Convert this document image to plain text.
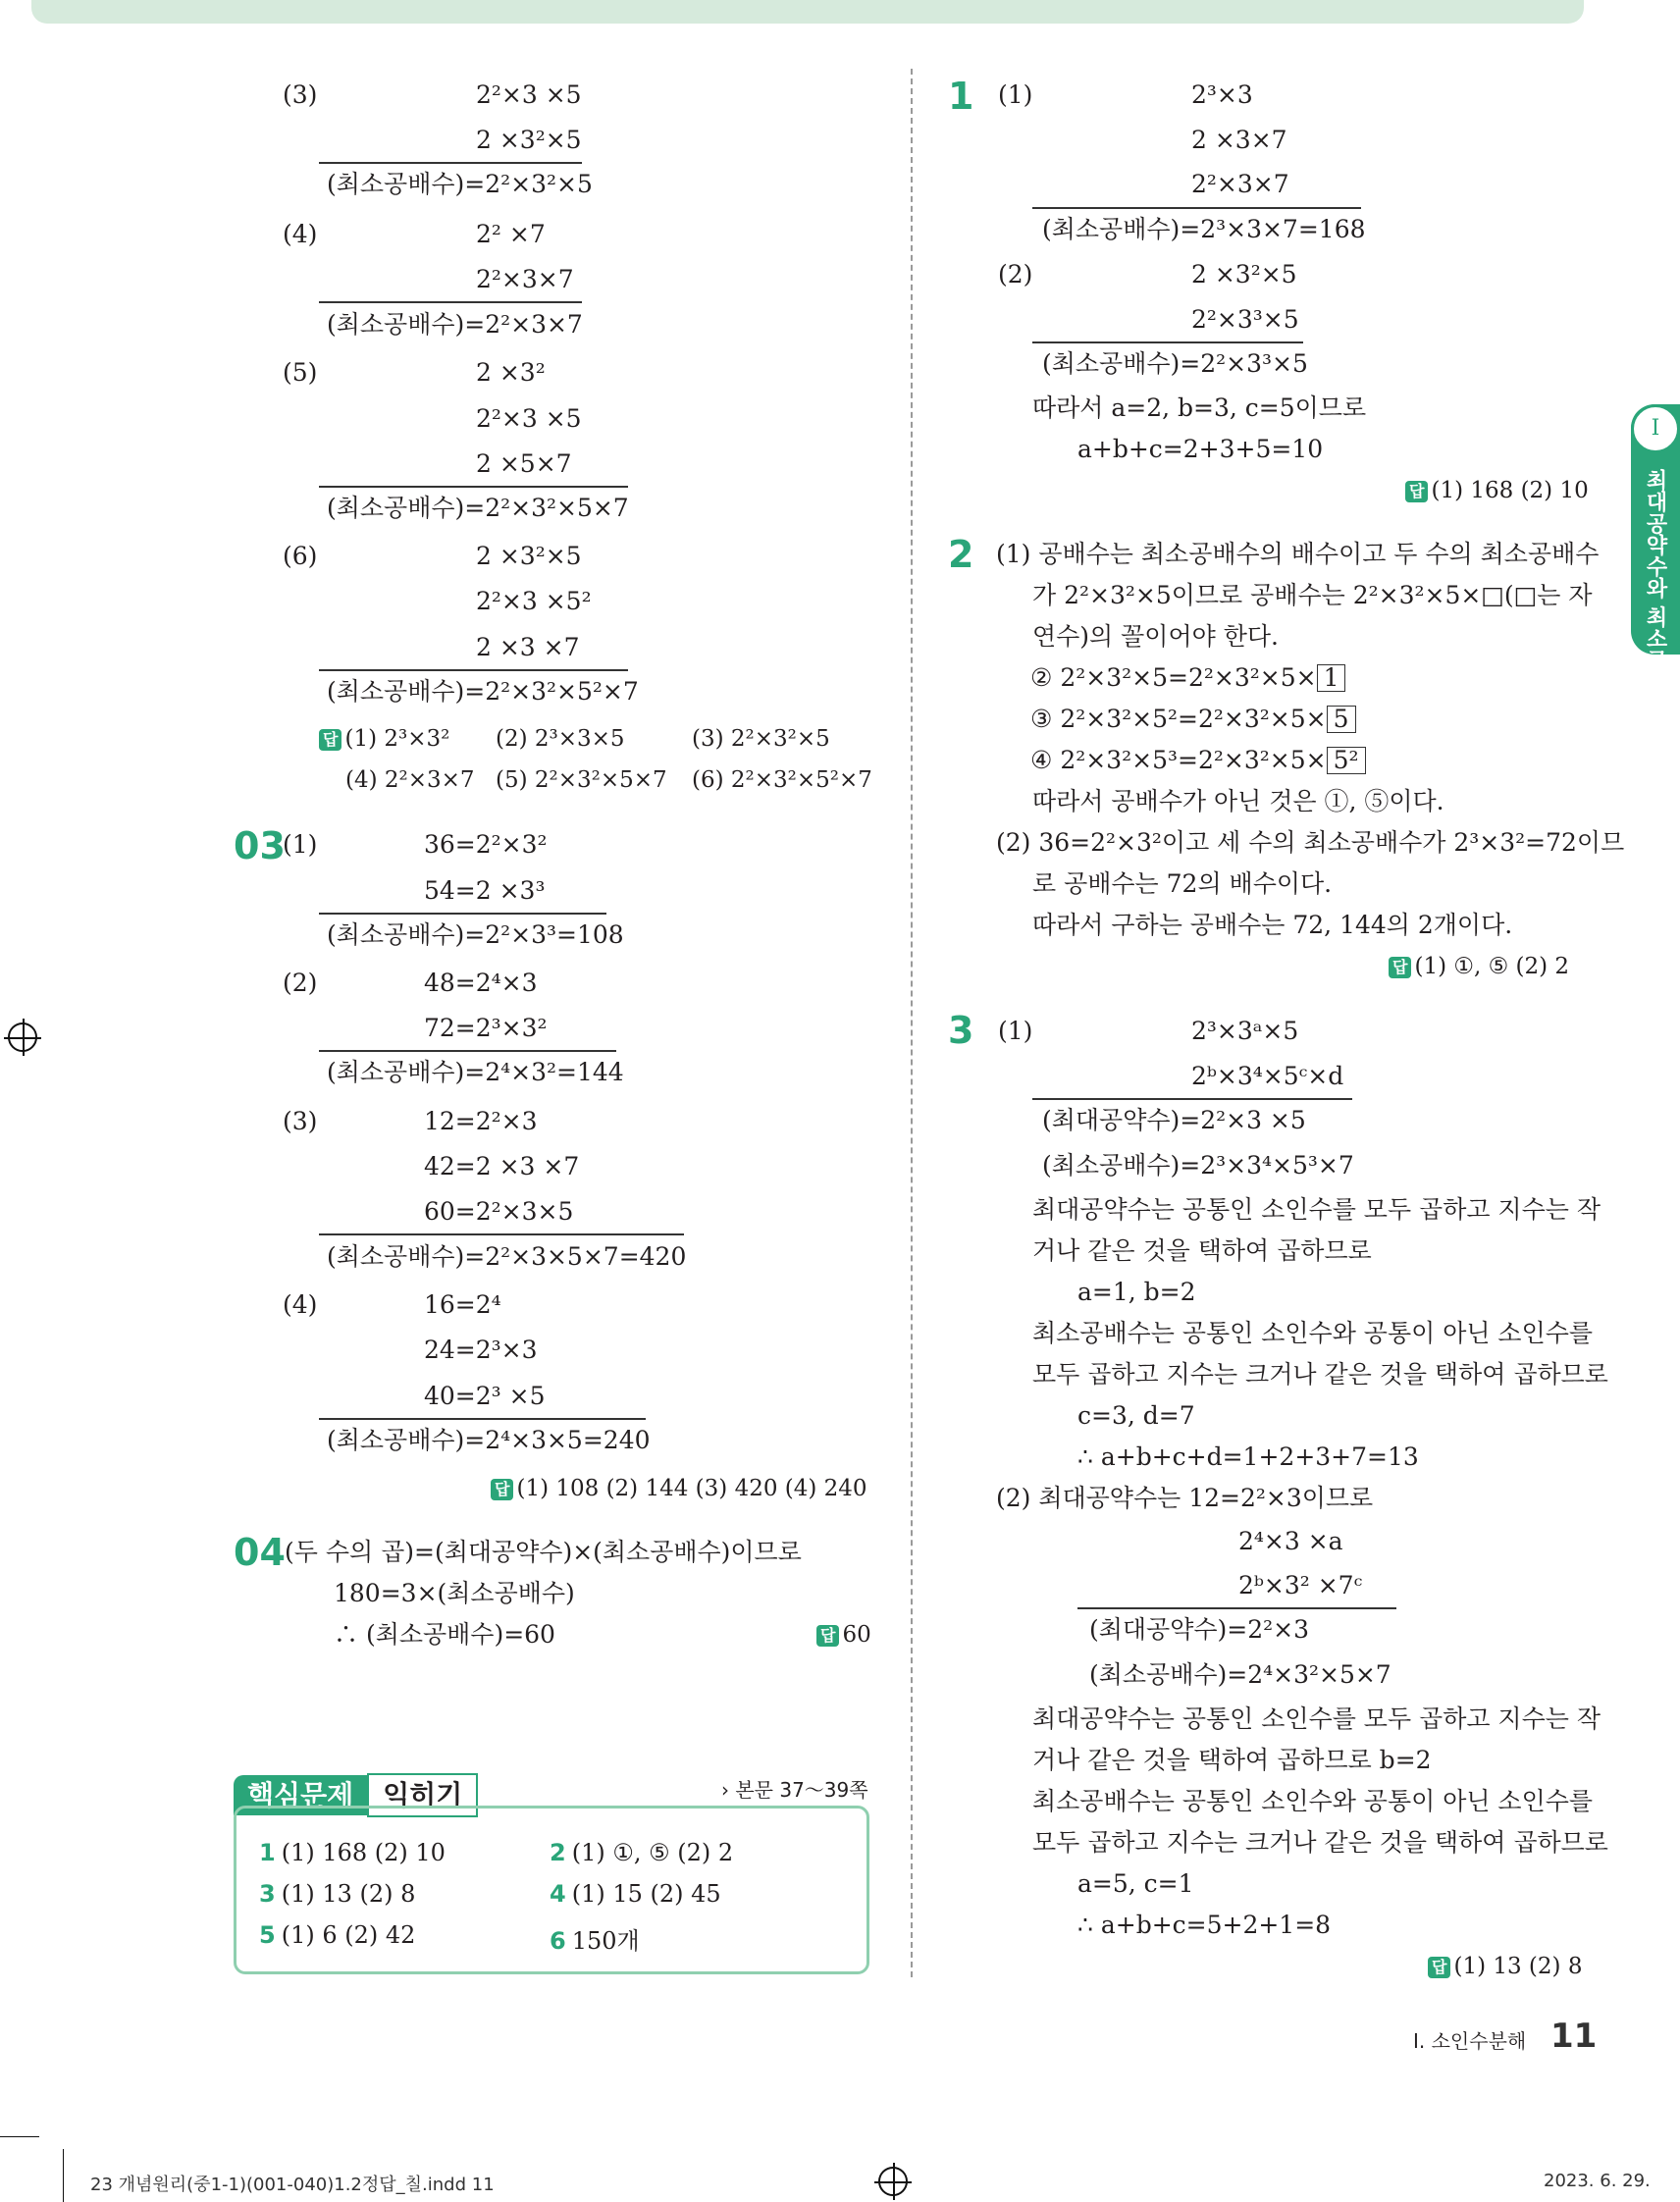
(3)	2²×3 ×5
2 ×3²×5
(최소공배수)=2²×3²×5
(4)	2² ×7
2²×3×7
(최소공배수)=2²×3×7
(5)	2 ×3²
2²×3 ×5
2 ×5×7
(최소공배수)=2²×3²×5×7
(6)	2 ×3²×5
2²×3 ×5²
2 ×3 ×7
(최소공배수)=2²×3²×5²×7
답 (1) 2³×3² (2) 2³×3×5	(3) 2²×3²×5
(4) 2²×3×7 (5) 2²×3²×5×7 (6) 2²×3²×5²×7
03
(1)	36=2²×3²
54=2 ×3³
(최소공배수)=2²×3³=108
(2)	48=2⁴×3
72=2³×3²
(최소공배수)=2⁴×3²=144
(3)	12=2²×3
42=2 ×3 ×7
60=2²×3×5
(최소공배수)=2²×3×5×7=420
(4)	16=2⁴
24=2³×3
40=2³ ×5
(최소공배수)=2⁴×3×5=240
답 (1) 108 (2) 144 (3) 420 (4) 240
04 (두 수의 곱)=(최대공약수)×(최소공배수)이므로
180=3×(최소공배수)
∴ (최소공배수)=60	답 60
핵심문제 익히기	› 본문 37～39쪽
1 (1) 168 (2) 10	2 (1) ①, ⑤ (2) 2
3 (1) 13 (2) 8	4 (1) 15 (2) 45
5 (1) 6 (2) 42	6 150개
1 (1)	2³×3
2 ×3×7
2²×3×7
(최소공배수)=2³×3×7=168
(2)	2 ×3²×5
2²×3³×5
(최소공배수)=2²×3³×5
따라서 a=2, b=3, c=5이므로
a+b+c=2+3+5=10
답 (1) 168 (2) 10
2 (1) 공배수는 최소공배수의 배수이고 두 수의 최소공배수
가 2²×3²×5이므로 공배수는 2²×3²×5×□(□는 자
연수)의 꼴이어야 한다.
② 2²×3²×5=2²×3²×5× 1
③ 2²×3²×5²=2²×3²×5× 5
④ 2²×3²×5³=2²×3²×5× 5²
따라서 공배수가 아닌 것은 ①, ⑤이다.
(2) 36=2²×3²이고 세 수의 최소공배수가 2³×3²=72이므
로 공배수는 72의 배수이다.
따라서 구하는 공배수는 72, 144의 2개이다.
답 (1) ①, ⑤ (2) 2
3 (1)	2³×3ᵃ×5
2ᵇ×3⁴×5ᶜ×d
(최대공약수)=2²×3 ×5
(최소공배수)=2³×3⁴×5³×7
최대공약수는 공통인 소인수를 모두 곱하고 지수는 작
거나 같은 것을 택하여 곱하므로
a=1, b=2
최소공배수는 공통인 소인수와 공통이 아닌 소인수를
모두 곱하고 지수는 크거나 같은 것을 택하여 곱하므로
c=3, d=7
∴ a+b+c+d=1+2+3+7=13
(2) 최대공약수는 12=2²×3이므로
2⁴×3 ×a
2ᵇ×3² ×7ᶜ
(최대공약수)=2²×3
(최소공배수)=2⁴×3²×5×7
최대공약수는 공통인 소인수를 모두 곱하고 지수는 작
거나 같은 것을 택하여 곱하므로 b=2
최소공배수는 공통인 소인수와 공통이 아닌 소인수를
모두 곱하고 지수는 크거나 같은 것을 택하여 곱하므로
a=5, c=1
∴ a+b+c=5+2+1=8
답 (1) 13 (2) 8
I
최대공약수와 최소공배수
Ⅰ. 소인수분해 11
23 개념원리(중1-1)(001-040)1.2정답_칠.indd 11	2023. 6. 29.
